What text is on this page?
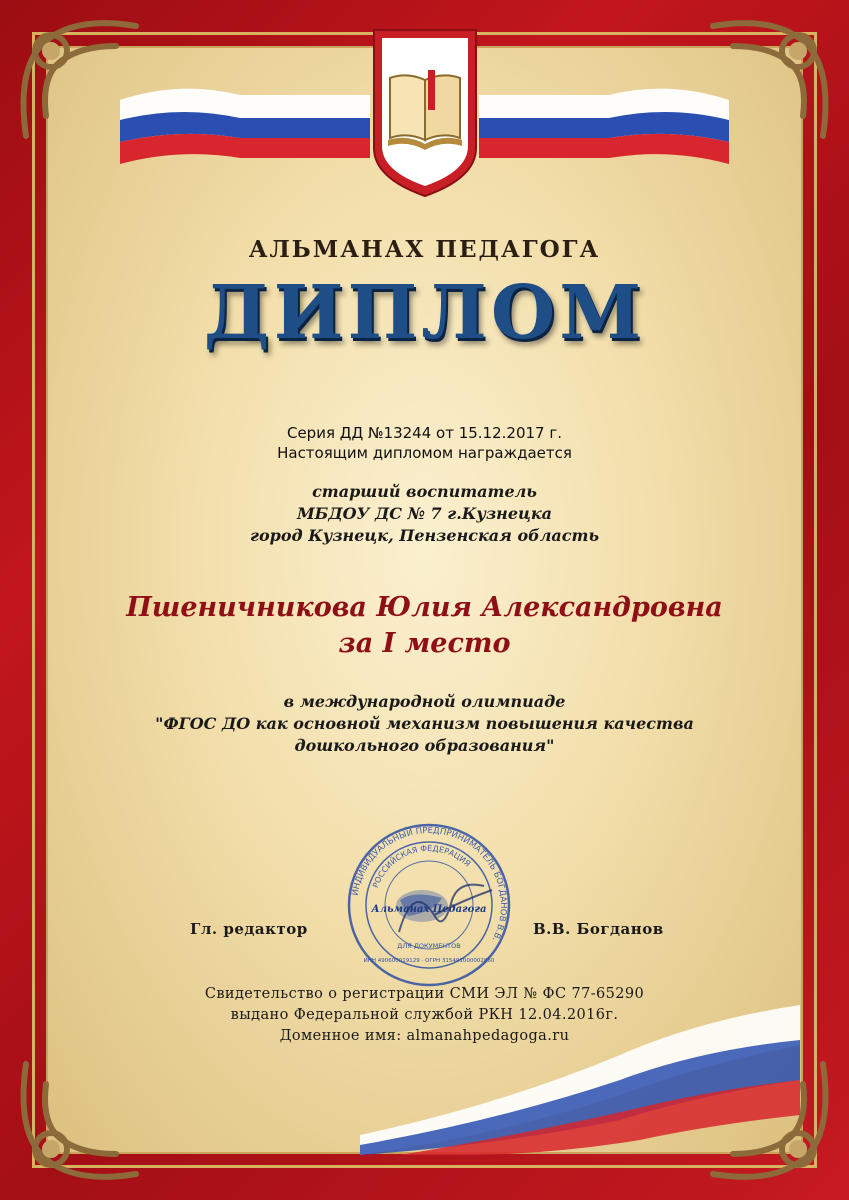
АЛЬМАНАХ ПЕДАГОГА
ДИПЛОМ
Серия ДД №13244 от 15.12.2017 г.
Настоящим дипломом награждается
старший воспитатель
МБДОУ ДС № 7 г.Кузнецка
город Кузнецк, Пензенская область
Пшеничникова Юлия Александровна
за I место
в международной олимпиаде
"ФГОС ДО как основной механизм повышения качества
дошкольного образования"
ИНДИВИДУАЛЬНЫЙ ПРЕДПРИНИМАТЕЛЬ БОГДАНОВ В.В.
РОССИЙСКАЯ ФЕДЕРАЦИЯ
Альманах Педагога
ДЛЯ ДОКУМЕНТОВ
ИНН 490600019129 · ОГРН 315491000002860
Гл. редактор	В.В. Богданов
Свидетельство о регистрации СМИ ЭЛ № ФС 77-65290
выдано Федеральной службой РКН 12.04.2016г.
Доменное имя: almanahpedagoga.ru
